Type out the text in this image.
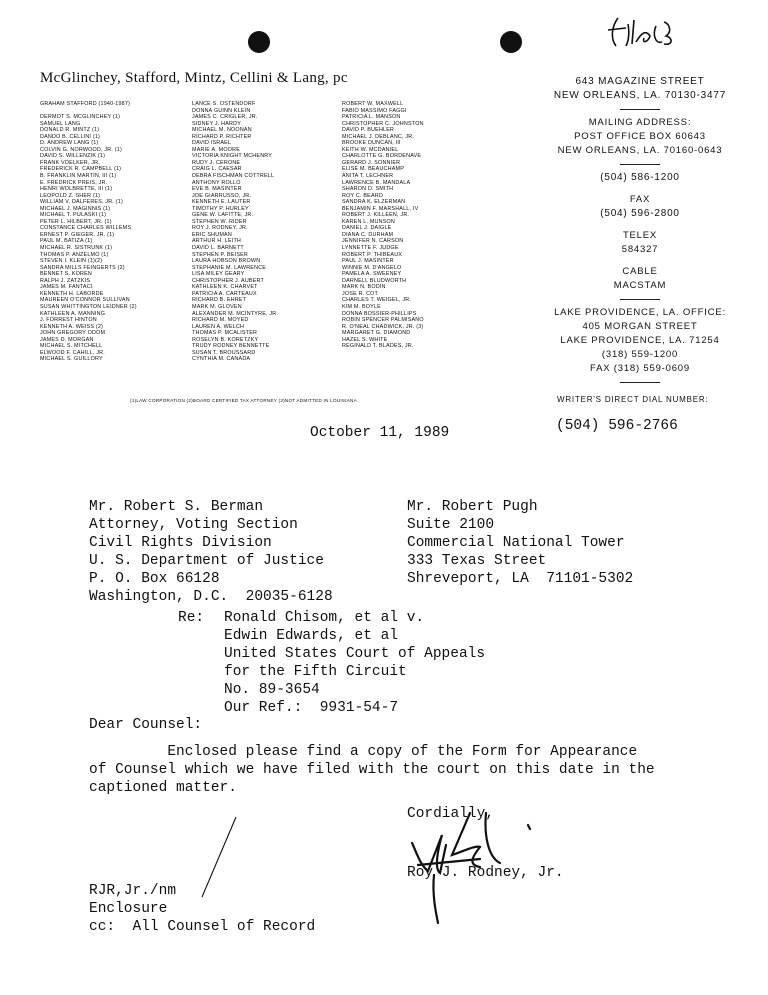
McGlinchey, Stafford, Mintz, Cellini & Lang, pc	643 MAGAZINE STREET
NEW ORLEANS, LA. 70130-3477
MAILING ADDRESS:
POST OFFICE BOX 60643
NEW ORLEANS, LA. 70160-0643
(504) 586-1200
FAX
(504) 596-2800
TELEX
584327
CABLE
MACSTAM
LAKE PROVIDENCE, LA. OFFICE:
405 MORGAN STREET
LAKE PROVIDENCE, LA. 71254
(318) 559-1200
FAX (318) 559-0609
WRITER'S DIRECT DIAL NUMBER:
GRAHAM STAFFORD (1940-1987)

DERMOT S. MCGLINCHEY (1)
SAMUEL LANG
DONALD R. MINTZ (1)
DANDO B. CELLINI (1)
D. ANDREW LANG (1)
COLVIN G. NORWOOD, JR. (1)
DAVID S. WILLENZIK (1)
FRANK VOELKER, JR.
FREDERICK R. CAMPBELL (1)
B. FRANKLIN MARTIN, III (1)
E. FREDRICK PREIS, JR.
HENRI WOLBRETTE, III (1)
LEOPOLD Z. SHER (1)
WILLIAM V. DALFERES, JR. (1)
MICHAEL J. MAGINNIS (1)
MICHAEL T. PULASKI (1)
PETER L. HILBERT, JR. (1)
CONSTANCE CHARLES WILLEMS
ERNEST P. GIEGER, JR. (1)
PAUL M. BATIZA (1)
MICHAEL R. SISTRUNK (1)
THOMAS P. ANZELMO (1)
STEVEN I. KLEIN (1)(2)
SANDRA MILLS FEINGERTS (2)
BENNET S. KOREN
RALPH J. ZATZKIS
JAMES M. FANTACI
KENNETH H. LABORDE
MAUREEN O'CONNOR SULLIVAN
SUSAN WHITTINGTON LEIDNER (2)
KATHLEEN A. MANNING
J. FORREST HINTON
KENNETH A. WEISS (2)
JOHN GREGORY ODOM
JAMES D. MORGAN
MICHAEL S. MITCHELL
ELWOOD F. CAHILL, JR.
MICHAEL S. GUILLORY
LANCE S. OSTENDORF
DONNA GUINN KLEIN
JAMES C. CRIGLER, JR.
SIDNEY J. HARDY
MICHAEL M. NOONAN
RICHARD P. RICHTER
DAVID ISRAEL
MARIE A. MOORE
VICTORIA KNIGHT MCHENRY
RUDY J. CERONE
CRAIG L. CAESAR
DEBRA FISCHMAN COTTRELL
ANTHONY ROLLO
EVE B. MASINTER
JOE GIARRUSSO, JR.
KENNETH E. LAUTER
TIMOTHY P. HURLEY
GENE W. LAFITTE, JR.
STEPHEN W. RIDER
ROY J. RODNEY, JR.
ERIC SHUMAN
ARTHUR H. LEITH
DAVID L. BARNETT
STEPHEN P. BEISER
LAURA HOBSON BROWN
STEPHANIE M. LAWRENCE
LISA MILEY GEARY
CHRISTOPHER J. AUBERT
KATHLEEN K. CHARVET
PATRICIA A. CARTEAUX
RICHARD B. EHRET
MARK M. GLOVEN
ALEXANDER M. MCINTYRE, JR.
RICHARD M. MOYED
LAUREN A. WELCH
THOMAS P. MCALISTER
ROSELYN B. KORETZKY
TRUDY RODNEY BENNETTE
SUSAN T. BROUSSARD
CYNTHIA M. CANADA
ROBERT W. MAXWELL
FABIO MASSIMO FAGGI
PATRICIA L. MANSON
CHRISTOPHER C. JOHNSTON
DAVID P. BUEHLER
MICHAEL J. DEBLANC, JR.
BROOKE DUNCAN, III
KEITH W. MCDANIEL
CHARLOTTE G. BORDENAVE
GERARD J. SONNIER
ELISE M. BEAUCHAMP
ANITA T. LECHNER
LAWRENCE B. MANDALA
SHARON D. SMITH
ROY C. BEARD
SANDRA K. ELZERMAN
BENJAMIN F. MARSHALL, IV
ROBERT J. KILLEEN, JR.
KAREN L. MUNSON
DANIEL J. DAIGLE
DIANA C. DURHAM
JENNIFER N. CARSON
LYNNETTE F. JUDGE
ROBERT P. THIBEAUX
PAUL J. MASINTER
WINNIE M. D'ANGELO
PAMELA A. SWEENEY
DARNELL BLUDWORTH
MARK N. BODIN
JOSE R. COT
CHARLES T. WEIGEL, JR.
KIM M. BOYLE
DONNA BOSSIER-PHILLIPS
ROBIN SPENCER PALMISANO
R. O'NEAL CHADWICK, JR. (3)
MARGARET G. DIAMOND
HAZEL S. WHITE
REGINALD T. BLADES, JR.
(1)LAW CORPORATION (2)BOARD CERTIFIED TAX ATTORNEY (3)NOT ADMITTED IN LOUISIANA
(504) 596-2766
October 11, 1989
Mr. Robert S. Berman
Attorney, Voting Section
Civil Rights Division
U. S. Department of Justice
P. O. Box 66128
Washington, D.C.  20035-6128
Mr. Robert Pugh
Suite 2100
Commercial National Tower
333 Texas Street
Shreveport, LA  71101-5302
Re: Ronald Chisom, et al v.
Edwin Edwards, et al
United States Court of Appeals
for the Fifth Circuit
No. 89-3654
Our Ref.:  9931-54-7
Dear Counsel:
Enclosed please find a copy of the Form for Appearance
of Counsel which we have filed with the court on this date in the
captioned matter.
Cordially,
Roy J. Rodney, Jr.
RJR,Jr./nm
Enclosure
cc:  All Counsel of Record
